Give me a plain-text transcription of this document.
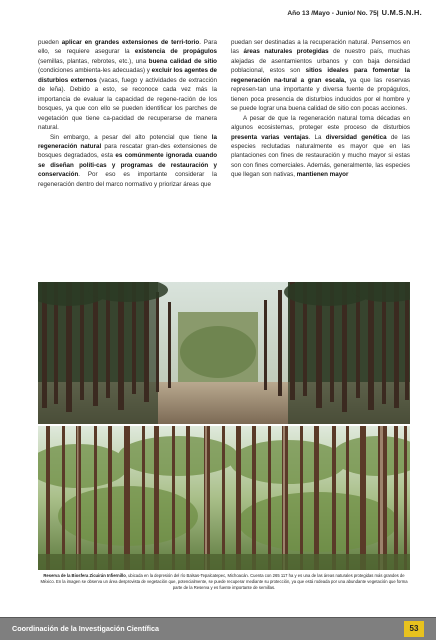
Año 13 /Mayo - Junio/ No. 75| U.M.S.N.H.

pueden aplicar en grandes extensiones de terri-torio. Para ello, se requiere asegurar la existencia de propágulos (semillas, plantas, rebrotes, etc.), una buena calidad de sitio (condiciones ambienta-les adecuadas) y excluir los agentes de disturbios externos (vacas, fuego y actividades de extracción de leña). Debido a esto, se reconoce cada vez más la importancia de evaluar la capacidad de regene-ración de los bosques, ya que con ello se pueden identificar los parches de vegetación que tiene ca-pacidad de recuperarse de manera natural.

Sin embargo, a pesar del alto potencial que tiene la regeneración natural para rescatar gran-des extensiones de bosques degradados, esta es comúnmente ignorada cuando se diseñan políti-cas y programas de restauración y conservación. Por eso es importante considerar la regeneración dentro del marco normativo y priorizar áreas que

puedan ser destinadas a la recuperación natural. Pensemos en las áreas naturales protegidas de nuestro país, muchas alejadas de asentamientos urbanos y con baja densidad poblacional, estos son sitios ideales para fomentar la regeneración na-tural a gran escala, ya que las reservas represen-tan una importante y diversa fuente de propágulos, tienen poca presencia de disturbios inducidos por el hombre y se puede lograr una buena calidad de sitio con pocas acciones.

A pesar de que la regeneración natural toma décadas en algunos ecosistemas, proteger este proceso de disturbios presenta varias ventajas. La diversidad genética de las especies reclutadas naturalmente es mayor que en las plantaciones con fines de restauración y mucho mayor si estas son con fines comerciales. Además, generalmente, las especies que llegan son nativas, mantienen mayor

Reserva de la Biosfera Zicuirán Infiernillo, ubicada en la depresión del río Balsas-Tepalcatepec, Michoacán. Cuenta con 265 117 ha y es una de las áreas naturales protegidas más grandes de México. En la imagen se observa un área desprovista de vegetación que, potencialmente, se puede recuperar mediante su protección, ya que está rodeada por una abundante vegetación que forma parte de la Reserva y es fuente importante de semillas.
Coordinación de la Investigación Científica	53
